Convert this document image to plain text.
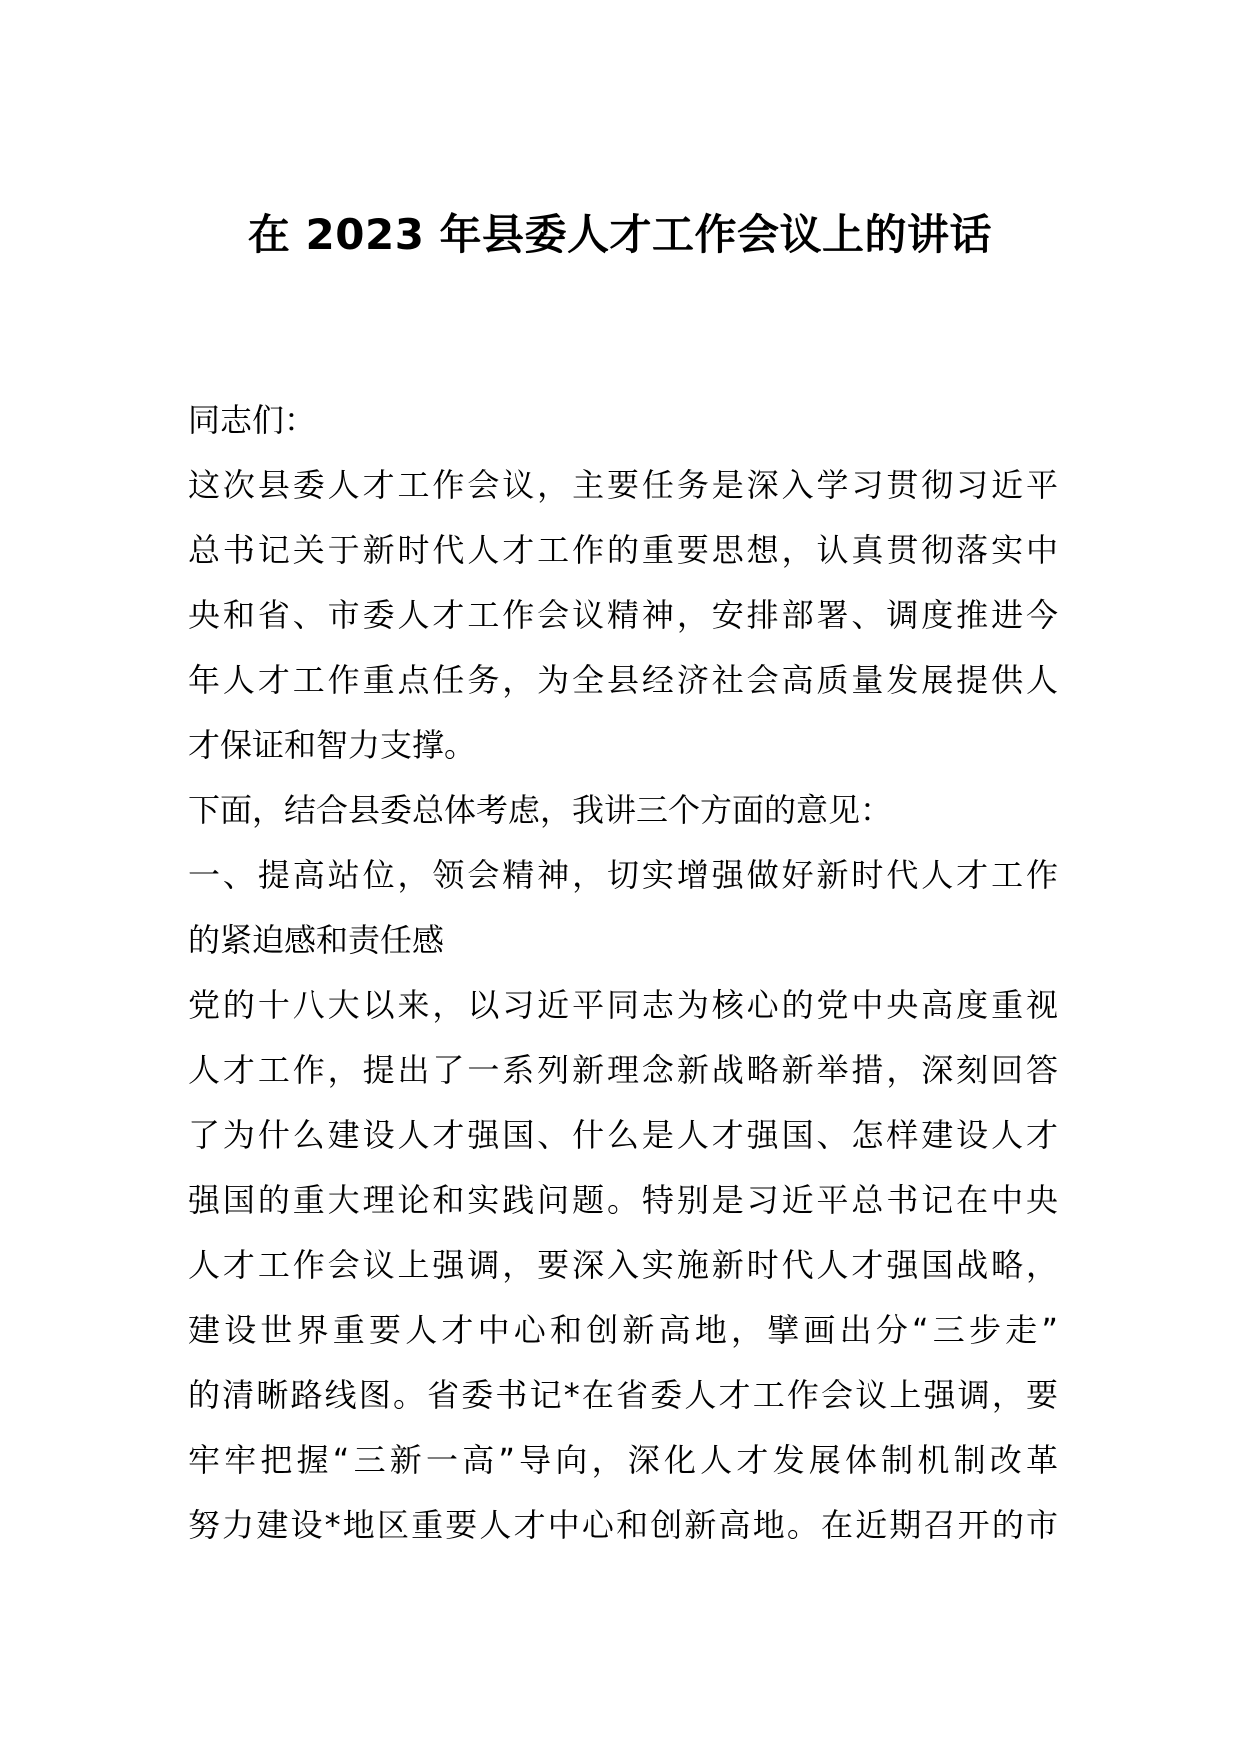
在 2023 年县委人才工作会议上的讲话
同志们：
这次县委人才工作会议，主要任务是深入学习贯彻习近平
总书记关于新时代人才工作的重要思想，认真贯彻落实中
央和省、市委人才工作会议精神，安排部署、调度推进今
年人才工作重点任务，为全县经济社会高质量发展提供人
才保证和智力支撑。
下面，结合县委总体考虑，我讲三个方面的意见：
一、提高站位，领会精神，切实增强做好新时代人才工作
的紧迫感和责任感
党的十八大以来，以习近平同志为核心的党中央高度重视
人才工作，提出了一系列新理念新战略新举措，深刻回答
了为什么建设人才强国、什么是人才强国、怎样建设人才
强国的重大理论和实践问题。特别是习近平总书记在中央
人才工作会议上强调，要深入实施新时代人才强国战略，
建设世界重要人才中心和创新高地，擘画出分“三步走”
的清晰路线图。省委书记*在省委人才工作会议上强调，要
牢牢把握“三新一高”导向，深化人才发展体制机制改革
努力建设*地区重要人才中心和创新高地。在近期召开的市
